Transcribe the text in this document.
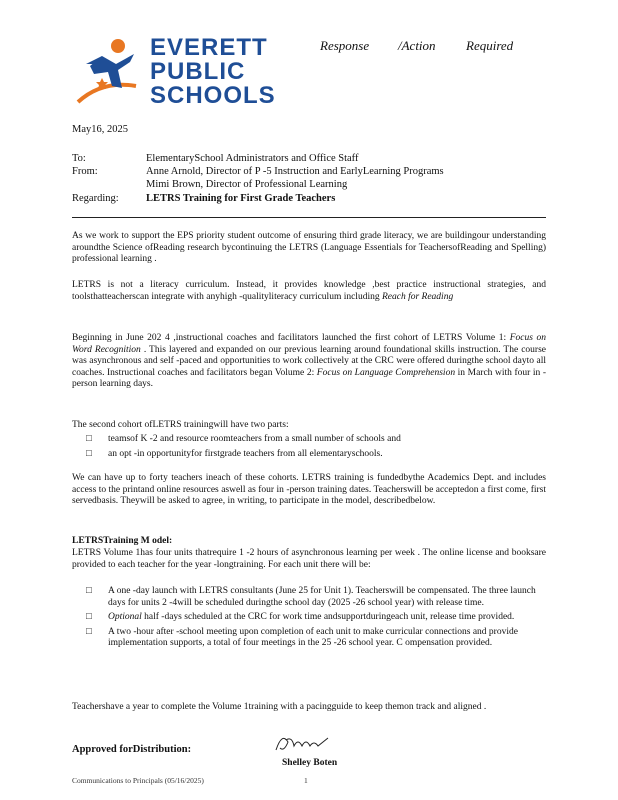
EVERETT
PUBLIC
SCHOOLS
Response /Action Required
May16, 2025
To:	ElementarySchool Administrators and Office Staff
From:	Anne Arnold, Director of P -5 Instruction and EarlyLearning Programs
Mimi Brown, Director of Professional Learning
Regarding:	LETRS Training for First Grade Teachers

As we work to support the EPS priority student outcome of ensuring third grade literacy, we are buildingour understanding aroundthe Science ofReading research bycontinuing the LETRS (Language Essentials for TeachersofReading and Spelling) professional learning .

LETRS is not a literacy curriculum. Instead, it provides knowledge ,best practice instructional strategies, and toolsthatteacherscan integrate with anyhigh -qualityliteracy curriculum including Reach for Reading

Beginning in June 202 4 ,instructional coaches and facilitators launched the first cohort of LETRS Volume 1: Focus on Word Recognition . This layered and expanded on our previous learning around foundational skills instruction. The course was asynchronous and self -paced and opportunities to work collectively at the CRC were offered duringthe school dayto all coaches. Instructional coaches and facilitators began Volume 2: Focus on Language Comprehension in March with four in -person learning days.

The second cohort ofLETRS trainingwill have two parts:

□ teamsof K -2 and resource roomteachers from a small number of schools and
□ an opt -in opportunityfor firstgrade teachers from all elementaryschools.

We can have up to forty teachers ineach of these cohorts. LETRS training is fundedbythe Academics Dept. and includes access to the printand online resources aswell as four in -person training dates. Teacherswill be acceptedon a first come, first servedbasis. Theywill be asked to agree, in writing, to participate in the model, describedbelow.

LETRSTraining M odel:

LETRS Volume 1has four units thatrequire 1 -2 hours of asynchronous learning per week . The online license and booksare provided to each teacher for the year -longtraining. For each unit there will be:

□ A one -day launch with LETRS consultants (June 25 for Unit 1). Teacherswill be compensated. The three launch days for units 2 -4will be scheduled duringthe school day (2025 -26 school year) with release time.
□ Optional half -days scheduled at the CRC for work time andsupportduringeach unit, release time provided.
□ A two -hour after -school meeting upon completion of each unit to make curricular connections and provide implementation supports, a total of four meetings in the 25 -26 school year. C ompensation provided.

Teachershave a year to complete the Volume 1training with a pacingguide to keep themon track and aligned .

Approved forDistribution:
Shelley Boten
Communications to Principals (05/16/2025)	1
